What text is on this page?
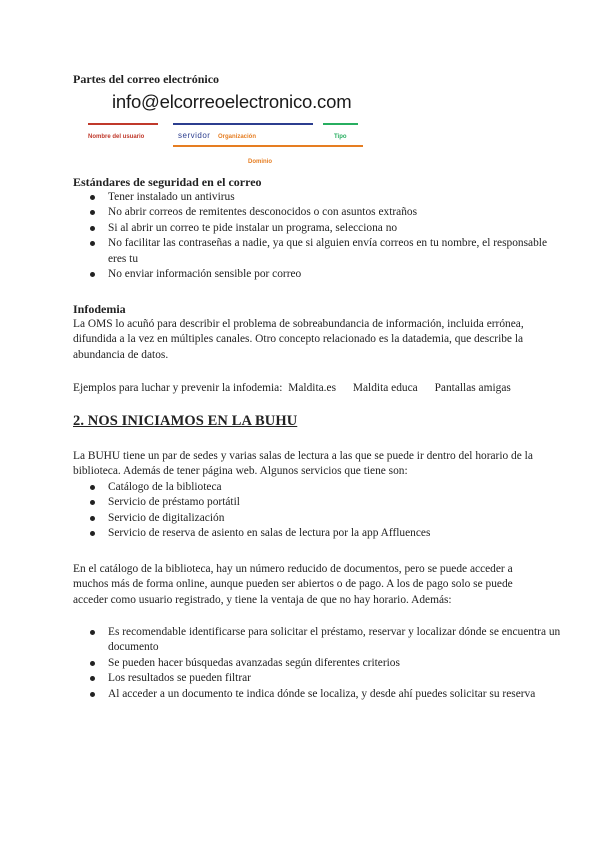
Partes del correo electrónico
info@elcorreoelectronico.com
Nombre del usuario	servidor Organización	Tipo
Dominio
Estándares de seguridad en el correo
Tener instalado un antivirus
No abrir correos de remitentes desconocidos o con asuntos extraños
Si al abrir un correo te pide instalar un programa, selecciona no
No facilitar las contraseñas a nadie, ya que si alguien envía correos en tu nombre, el responsable eres tu
No enviar información sensible por correo
Infodemia

La OMS lo acuñó para describir el problema de sobreabundancia de información, incluida errónea, difundida a la vez en múltiples canales. Otro concepto relacionado es la datademia, que describe la abundancia de datos.

Ejemplos para luchar y prevenir la infodemia: Maldita.es Maldita educa Pantallas amigas
2. NOS INICIAMOS EN LA BUHU

La BUHU tiene un par de sedes y varias salas de lectura a las que se puede ir dentro del horario de la biblioteca. Además de tener página web. Algunos servicios que tiene son:

Catálogo de la biblioteca
Servicio de préstamo portátil
Servicio de digitalización
Servicio de reserva de asiento en salas de lectura por la app Affluences

En el catálogo de la biblioteca, hay un número reducido de documentos, pero se puede acceder a muchos más de forma online, aunque pueden ser abiertos o de pago. A los de pago solo se puede acceder como usuario registrado, y tiene la ventaja de que no hay horario. Además:

Es recomendable identificarse para solicitar el préstamo, reservar y localizar dónde se encuentra un documento
Se pueden hacer búsquedas avanzadas según diferentes criterios
Los resultados se pueden filtrar
Al acceder a un documento te indica dónde se localiza, y desde ahí puedes solicitar su reserva
